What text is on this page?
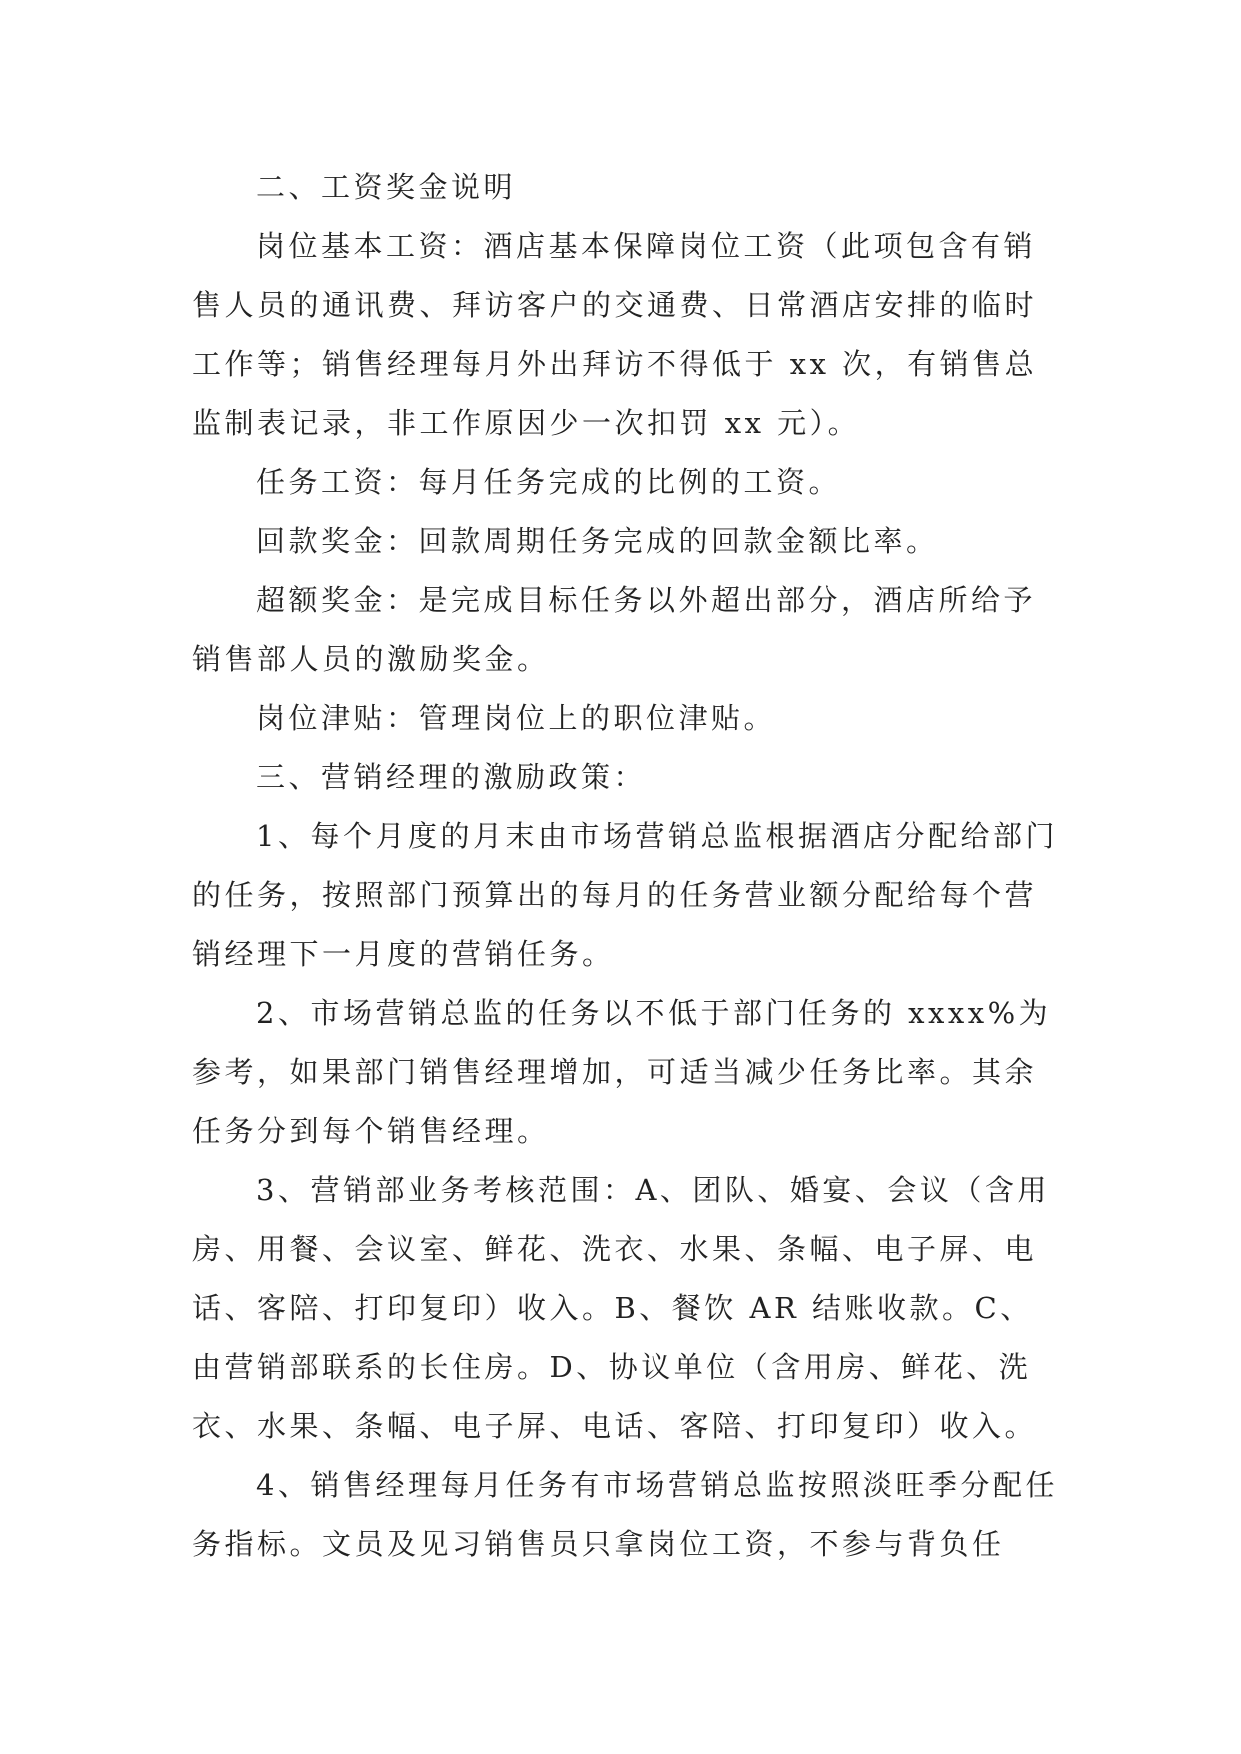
二、工资奖金说明

岗位基本工资：酒店基本保障岗位工资（此项包含有销售人员的通讯费、拜访客户的交通费、日常酒店安排的临时工作等；销售经理每月外出拜访不得低于 xx 次，有销售总监制表记录，非工作原因少一次扣罚 xx 元）。

任务工资：每月任务完成的比例的工资。

回款奖金：回款周期任务完成的回款金额比率。

超额奖金：是完成目标任务以外超出部分，酒店所给予销售部人员的激励奖金。

岗位津贴：管理岗位上的职位津贴。

三、营销经理的激励政策：

1、每个月度的月末由市场营销总监根据酒店分配给部门的任务，按照部门预算出的每月的任务营业额分配给每个营销经理下一月度的营销任务。

2、市场营销总监的任务以不低于部门任务的 xxxx%为参考，如果部门销售经理增加，可适当减少任务比率。其余任务分到每个销售经理。

3、营销部业务考核范围：A、团队、婚宴、会议（含用房、用餐、会议室、鲜花、洗衣、水果、条幅、电子屏、电话、客陪、打印复印）收入。B、餐饮 AR 结账收款。C、由营销部联系的长住房。D、协议单位（含用房、鲜花、洗衣、水果、条幅、电子屏、电话、客陪、打印复印）收入。

4、销售经理每月任务有市场营销总监按照淡旺季分配任务指标。文员及见习销售员只拿岗位工资，不参与背负任
